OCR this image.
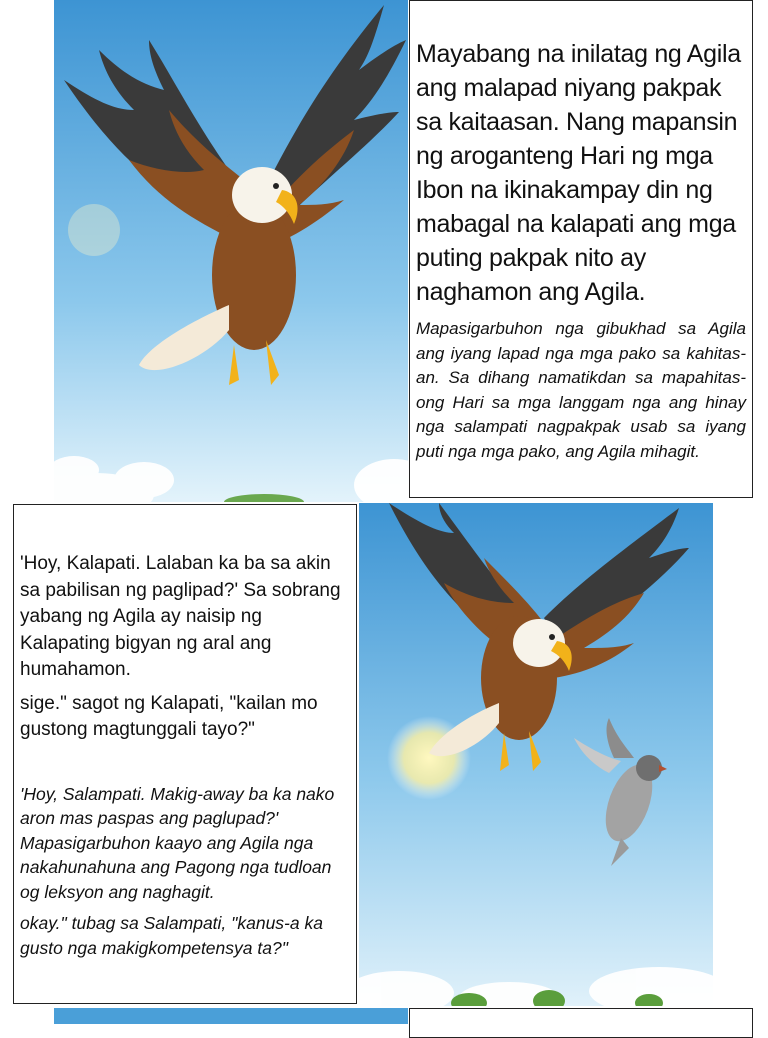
Mayabang na inilatag ng Agila ang malapad niyang pakpak sa kaitaasan. Nang mapansin ng aroganteng Hari ng mga Ibon na ikinakampay din ng mabagal na kalapati ang mga puting pakpak nito ay naghamon ang Agila.

Mapasigarbuhon nga gibukhad sa Agila ang iyang lapad nga mga pako sa kahitas-an. Sa dihang namatikdan sa mapahitas-ong Hari sa mga langgam nga ang hinay nga salampati nagpakpak usab sa iyang puti nga mga pako, ang Agila mihagit.

'Hoy, Kalapati. Lalaban ka ba sa akin sa pabilisan ng paglipad?' Sa sobrang yabang ng Agila ay naisip ng Kalapating bigyan ng aral ang humahamon.

sige." sagot ng Kalapati, "kailan mo gustong magtunggali tayo?"

'Hoy, Salampati. Makig-away ba ka nako aron mas paspas ang paglupad?' Mapasigarbuhon kaayo ang Agila nga nakahunahuna ang Pagong nga tudloan og leksyon ang naghagit.

okay." tubag sa Salampati, "kanus-a ka gusto nga makigkompetensya ta?"
